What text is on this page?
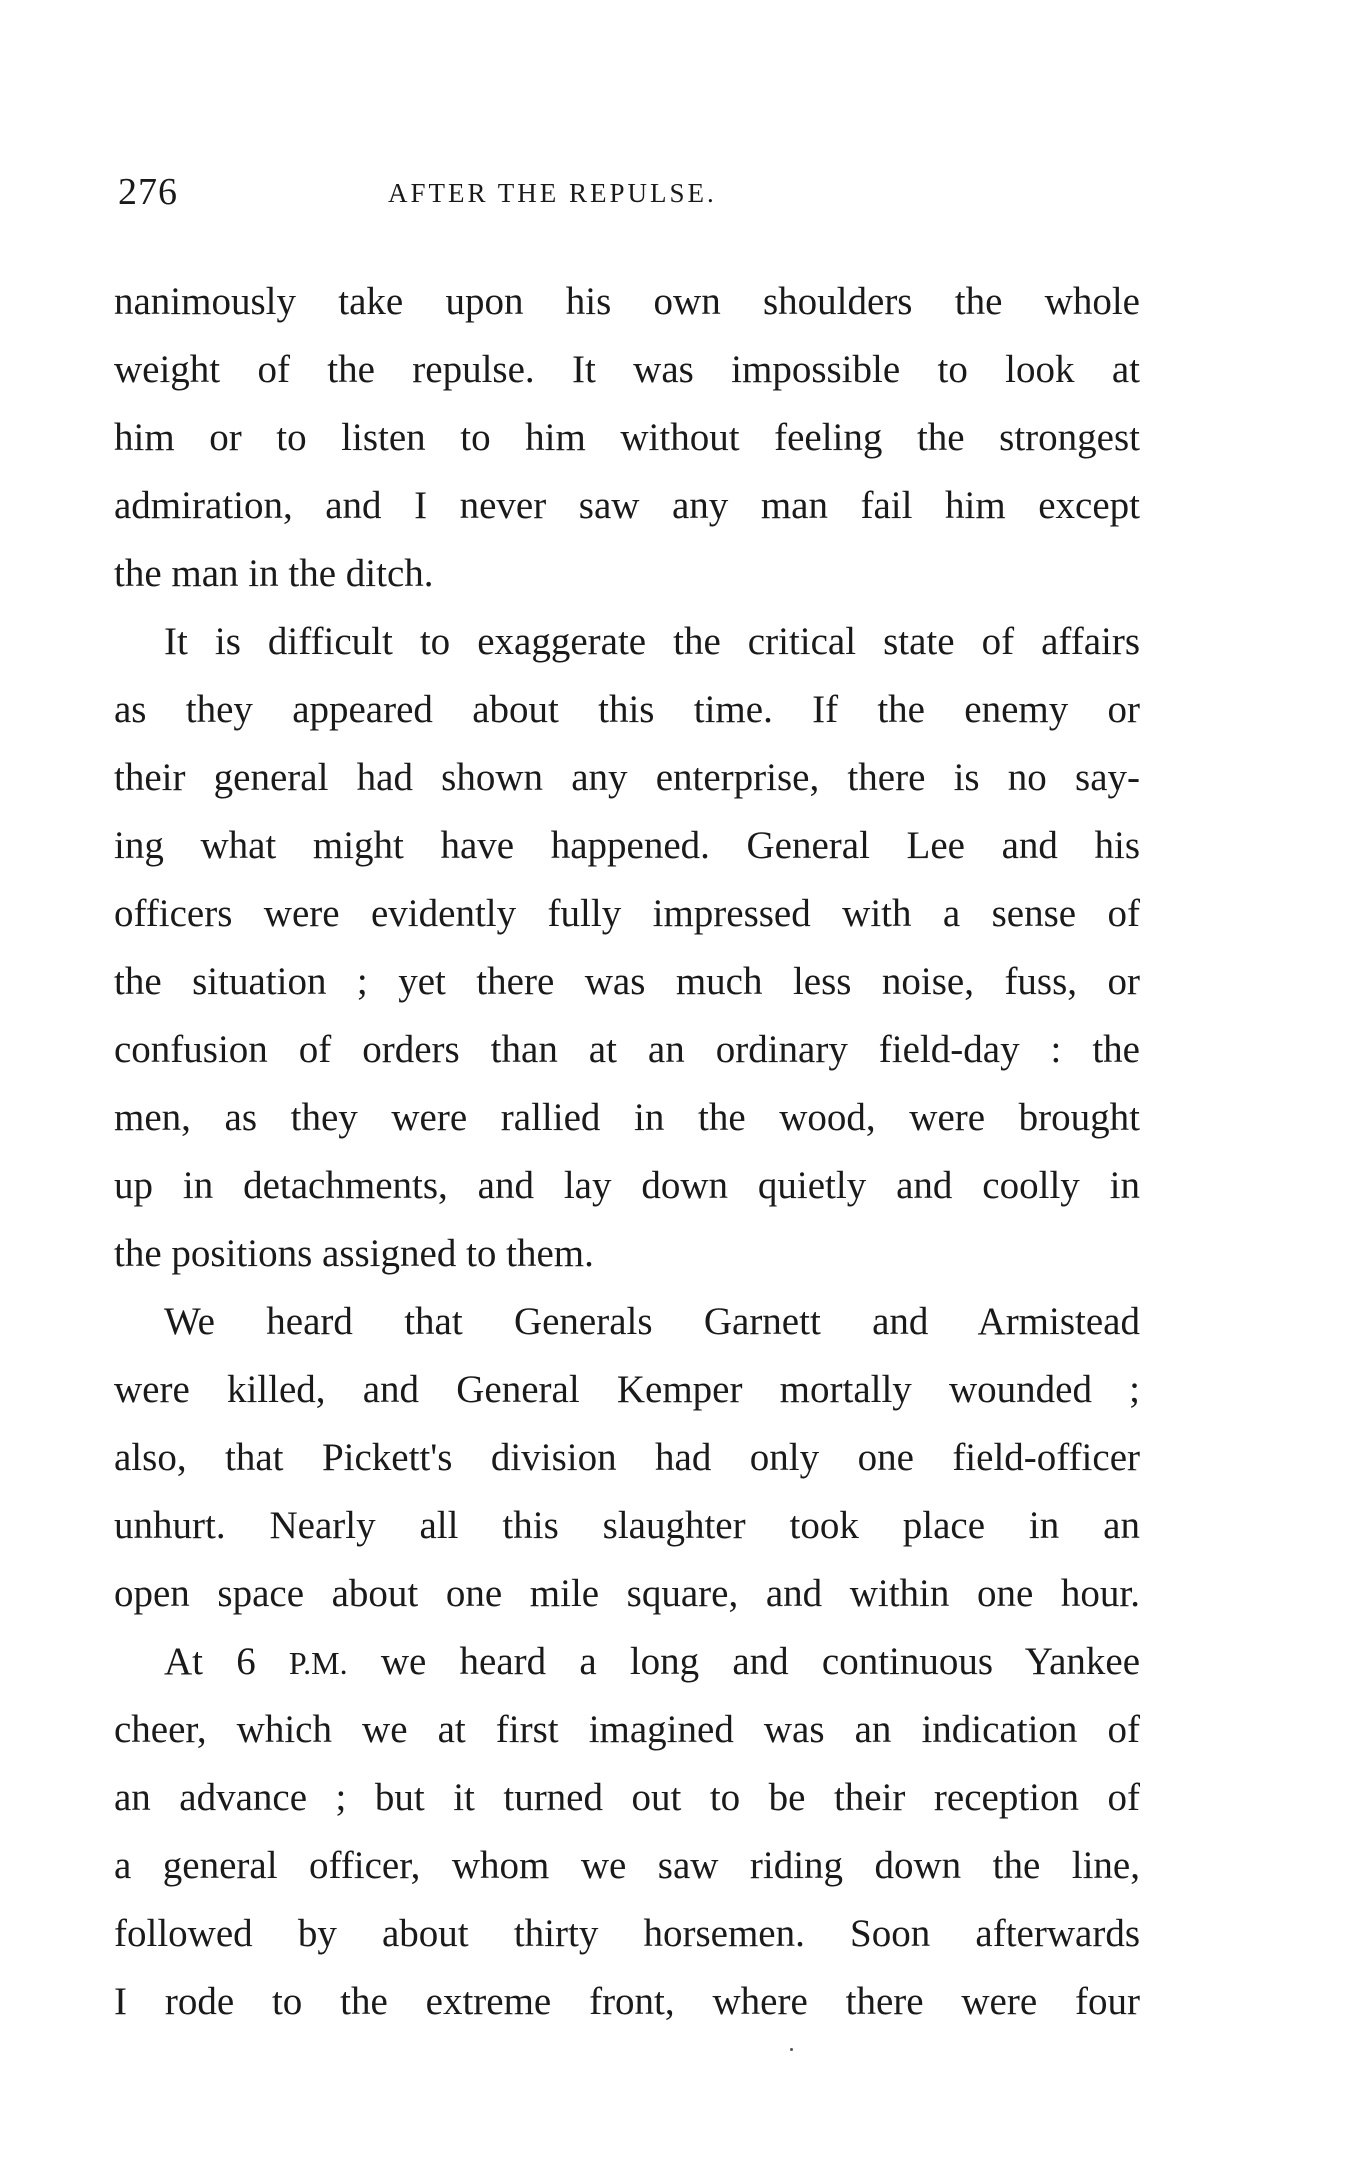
276	AFTER THE REPULSE.

nanimously take upon his own shoulders the whole
weight of the repulse. It was impossible to look at
him or to listen to him without feeling the strongest
admiration, and I never saw any man fail him except
the man in the ditch.

It is difficult to exaggerate the critical state of affairs
as they appeared about this time. If the enemy or
their general had shown any enterprise, there is no say-
ing what might have happened. General Lee and his
officers were evidently fully impressed with a sense of
the situation ; yet there was much less noise, fuss, or
confusion of orders than at an ordinary field-day : the
men, as they were rallied in the wood, were brought
up in detachments, and lay down quietly and coolly in
the positions assigned to them.

We heard that Generals Garnett and Armistead
were killed, and General Kemper mortally wounded ;
also, that Pickett's division had only one field-officer
unhurt. Nearly all this slaughter took place in an
open space about one mile square, and within one hour.

At 6 P.M. we heard a long and continuous Yankee
cheer, which we at first imagined was an indication of
an advance ; but it turned out to be their reception of
a general officer, whom we saw riding down the line,
followed by about thirty horsemen. Soon afterwards
I rode to the extreme front, where there were four
